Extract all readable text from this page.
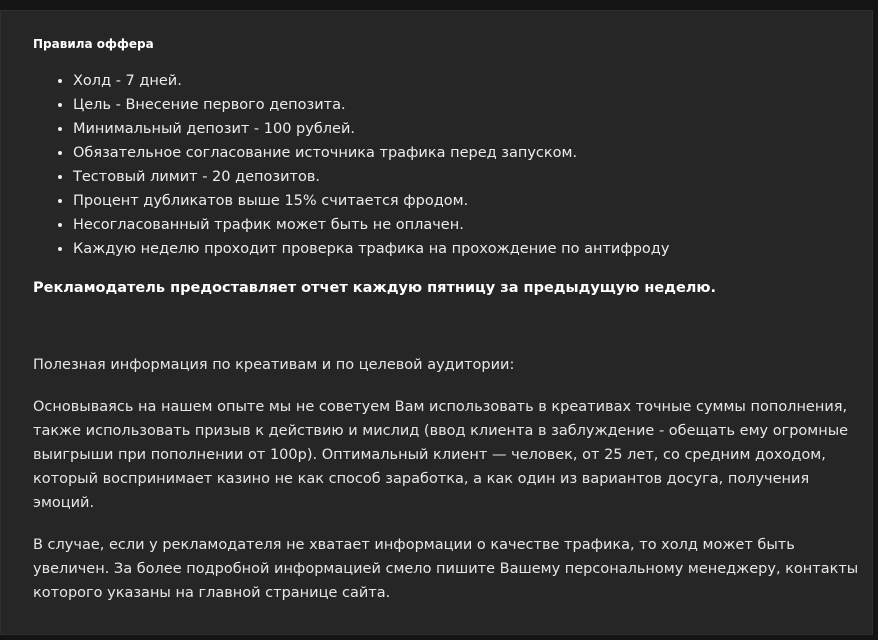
Правила оффера
• Холд - 7 дней.
• Цель - Внесение первого депозита.
• Минимальный депозит - 100 рублей.
• Обязательное согласование источника трафика перед запуском.
• Тестовый лимит - 20 депозитов.
• Процент дубликатов выше 15% считается фродом.
• Несогласованный трафик может быть не оплачен.
• Каждую неделю проходит проверка трафика на прохождение по антифроду
Рекламодатель предоставляет отчет каждую пятницу за предыдущую неделю.

Полезная информация по креативам и по целевой аудитории:

Основываясь на нашем опыте мы не советуем Вам использовать в креативах точные суммы пополнения, также использовать призыв к действию и мислид (ввод клиента в заблуждение - обещать ему огромные выигрыши при пополнении от 100р). Оптимальный клиент — человек, от 25 лет, со средним доходом, который воспринимает казино не как способ заработка, а как один из вариантов досуга, получения эмоций.

В случае, если у рекламодателя не хватает информации о качестве трафика, то холд может быть увеличен. За более подробной информацией смело пишите Вашему персональному менеджеру, контакты которого указаны на главной странице сайта.
